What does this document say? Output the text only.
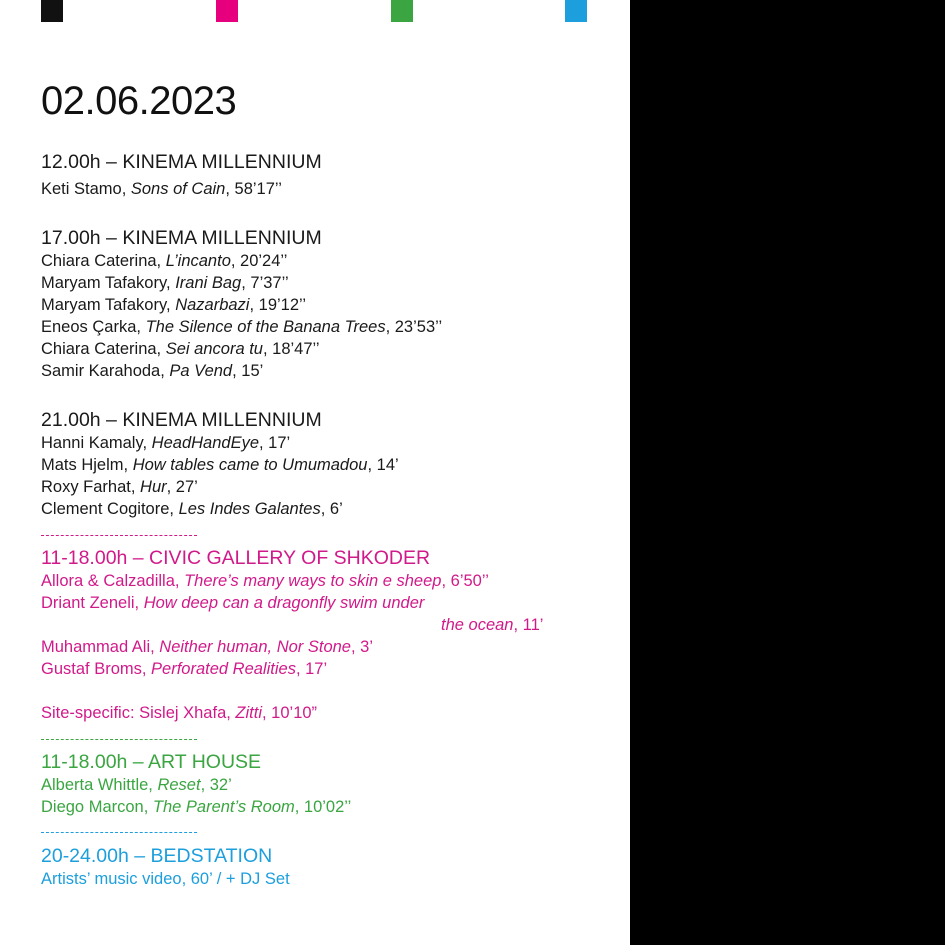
02.06.2023
12.00h – KINEMA MILLENNIUM
Keti Stamo, Sons of Cain, 58’17’’
17.00h – KINEMA MILLENNIUM
Chiara Caterina, L’incanto, 20’24’’
Maryam Tafakory, Irani Bag, 7’37’’
Maryam Tafakory, Nazarbazi, 19’12’’
Eneos Çarka, The Silence of the Banana Trees, 23’53’’
Chiara Caterina, Sei ancora tu, 18’47’’
Samir Karahoda, Pa Vend, 15’
21.00h – KINEMA MILLENNIUM
Hanni Kamaly, HeadHandEye, 17’
Mats Hjelm, How tables came to Umumadou, 14’
Roxy Farhat, Hur, 27’
Clement Cogitore, Les Indes Galantes, 6’
11-18.00h – CIVIC GALLERY OF SHKODER
Allora & Calzadilla, There’s many ways to skin e sheep, 6’50’’
Driant Zeneli, How deep can a dragonfly swim under
the ocean, 11’
Muhammad Ali, Neither human, Nor Stone, 3’
Gustaf Broms, Perforated Realities, 17’
Site-specific: Sislej Xhafa, Zitti, 10’10”
11-18.00h – ART HOUSE
Alberta Whittle, Reset, 32’
Diego Marcon, The Parent’s Room, 10’02’’
20-24.00h – BEDSTATION
Artists’ music video, 60’ / + DJ Set
